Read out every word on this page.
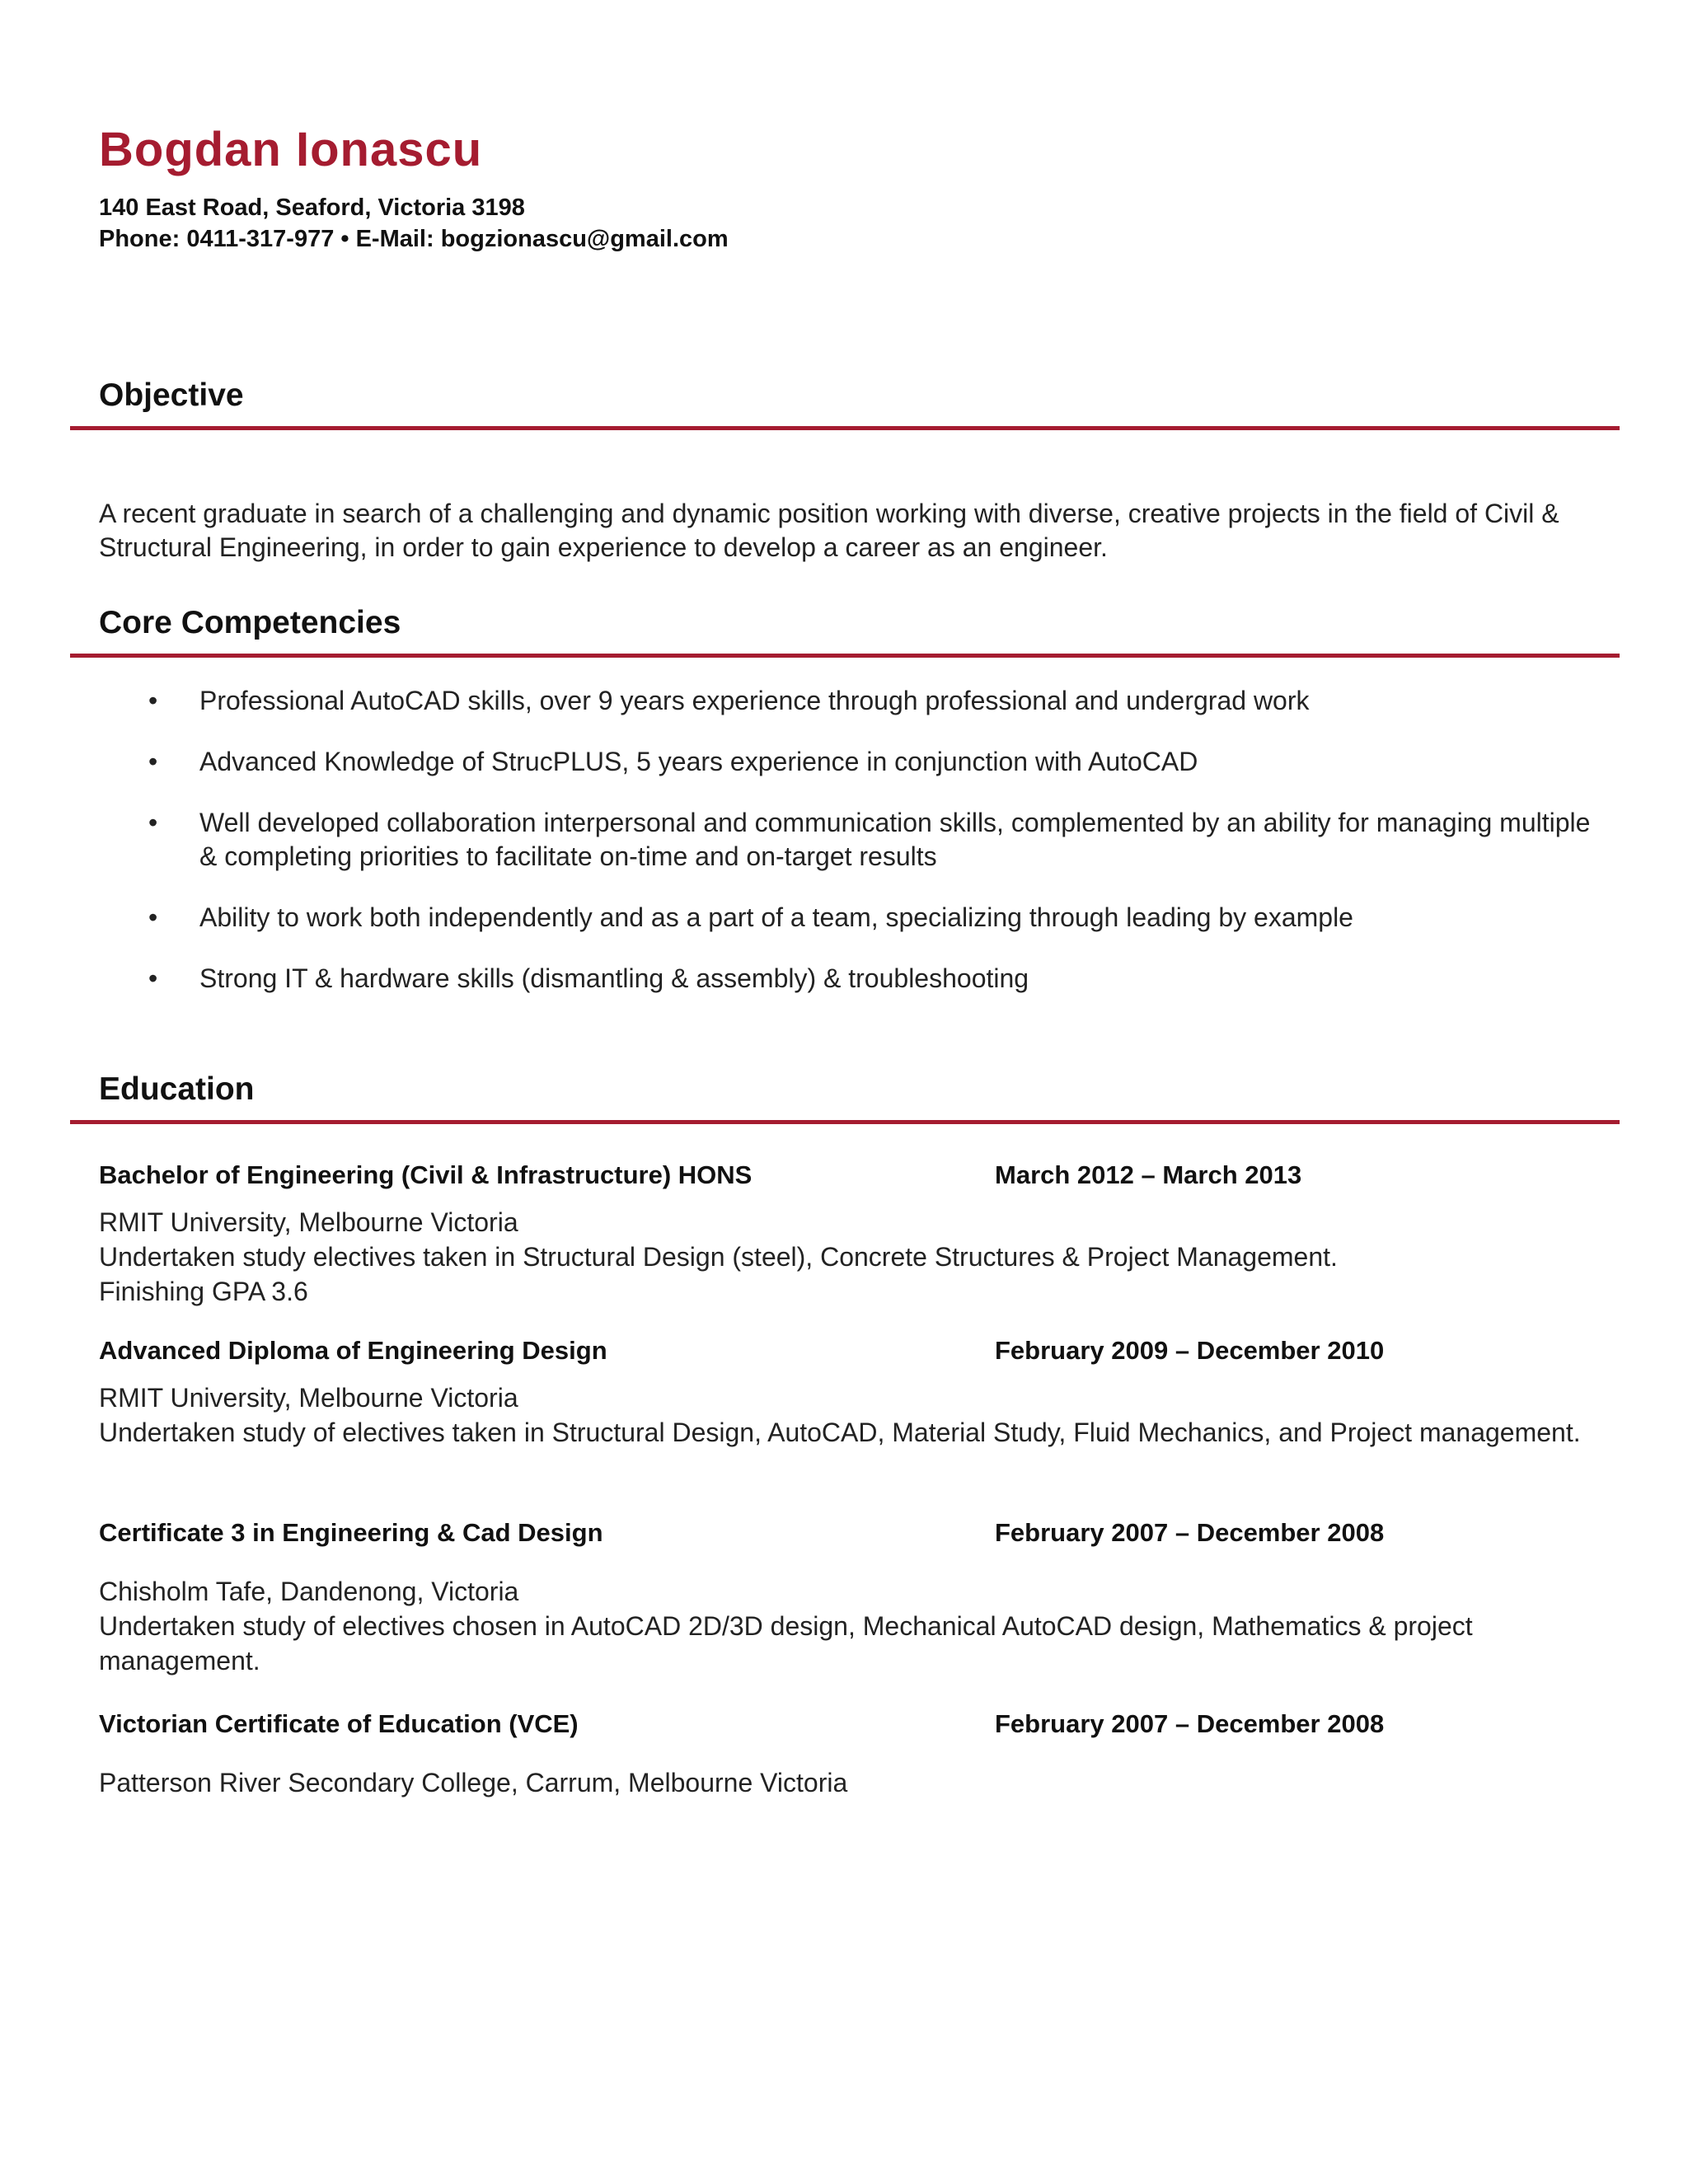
Bogdan Ionascu
140 East Road, Seaford, Victoria 3198
Phone: 0411-317-977 • E-Mail: bogzionascu@gmail.com
Objective
A recent graduate in search of a challenging and dynamic position working with diverse, creative projects in the field of Civil & Structural Engineering, in order to gain experience to develop a career as an engineer.
Core Competencies
• Professional AutoCAD skills, over 9 years experience through professional and undergrad work
• Advanced Knowledge of StrucPLUS, 5 years experience in conjunction with AutoCAD
• Well developed collaboration interpersonal and communication skills, complemented by an ability for managing multiple & completing priorities to facilitate on-time and on-target results
• Ability to work both independently and as a part of a team, specializing through leading by example
• Strong IT & hardware skills (dismantling & assembly) & troubleshooting
Education
Bachelor of Engineering (Civil & Infrastructure) HONS	March 2012 – March 2013
RMIT University, Melbourne Victoria
Undertaken study electives taken in Structural Design (steel), Concrete Structures & Project Management.
Finishing GPA 3.6
Advanced Diploma of Engineering Design	February 2009 – December 2010
RMIT University, Melbourne Victoria
Undertaken study of electives taken in Structural Design, AutoCAD, Material Study, Fluid Mechanics, and Project management.
Certificate 3 in Engineering & Cad Design	February 2007 – December 2008
Chisholm Tafe, Dandenong, Victoria
Undertaken study of electives chosen in AutoCAD 2D/3D design, Mechanical AutoCAD design, Mathematics & project management.
Victorian Certificate of Education (VCE)	February 2007 – December 2008
Patterson River Secondary College, Carrum, Melbourne Victoria
